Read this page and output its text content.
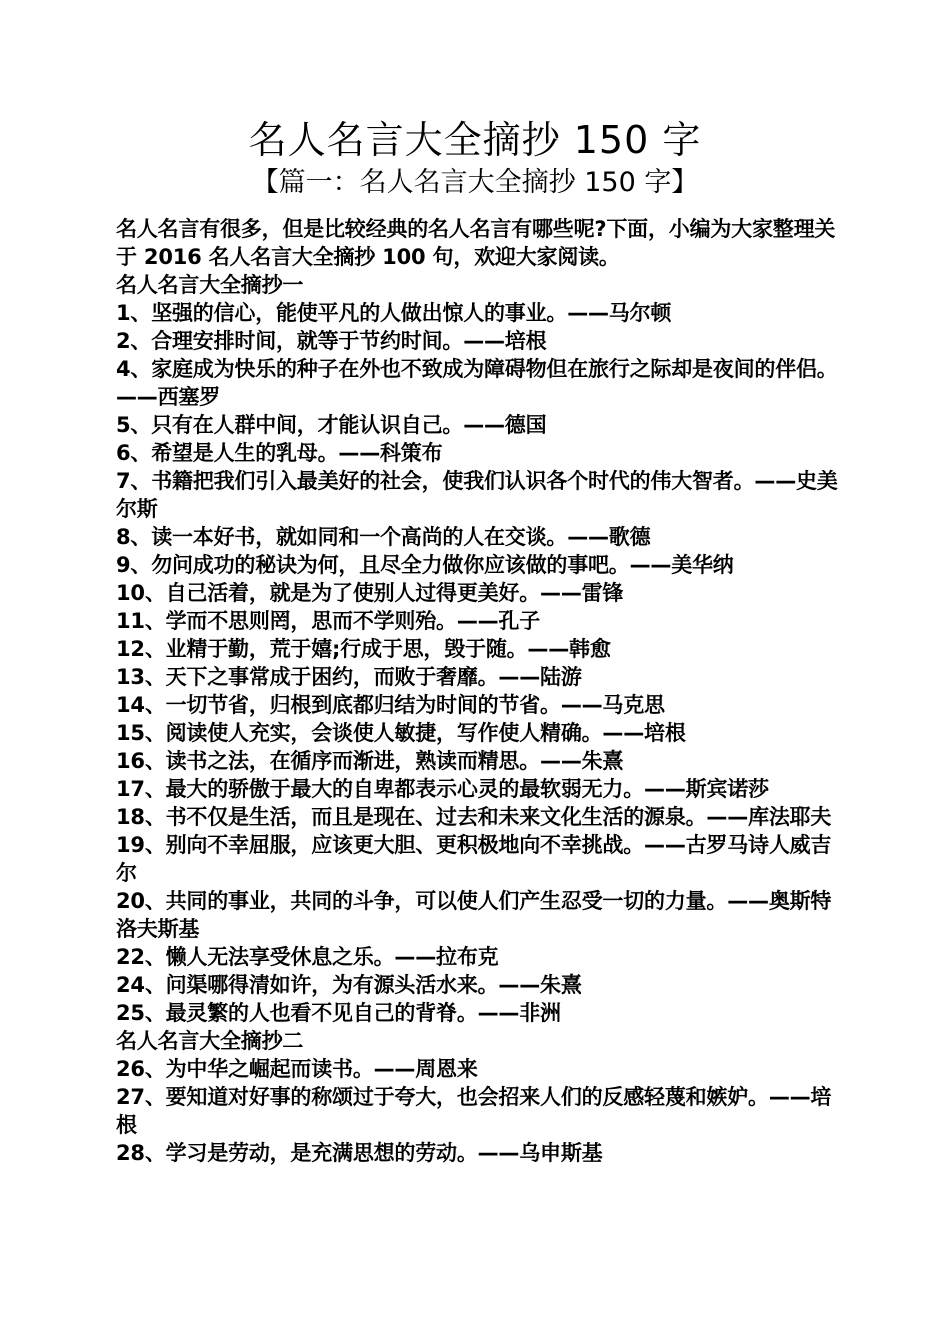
名人名言大全摘抄 150 字
【篇一：名人名言大全摘抄 150 字】

名人名言有很多，但是比较经典的名人名言有哪些呢?下面，小编为大家整理关于 2016 名人名言大全摘抄 100 句，欢迎大家阅读。

名人名言大全摘抄一

1、坚强的信心，能使平凡的人做出惊人的事业。——马尔顿

2、合理安排时间，就等于节约时间。——培根

4、家庭成为快乐的种子在外也不致成为障碍物但在旅行之际却是夜间的伴侣。——西塞罗

5、只有在人群中间，才能认识自己。——德国

6、希望是人生的乳母。——科策布

7、书籍把我们引入最美好的社会，使我们认识各个时代的伟大智者。——史美尔斯

8、读一本好书，就如同和一个高尚的人在交谈。——歌德

9、勿问成功的秘诀为何，且尽全力做你应该做的事吧。——美华纳

10、自己活着，就是为了使别人过得更美好。——雷锋

11、学而不思则罔，思而不学则殆。——孔子

12、业精于勤，荒于嬉;行成于思，毁于随。——韩愈

13、天下之事常成于困约，而败于奢靡。——陆游

14、一切节省，归根到底都归结为时间的节省。——马克思

15、阅读使人充实，会谈使人敏捷，写作使人精确。——培根

16、读书之法，在循序而渐进，熟读而精思。——朱熹

17、最大的骄傲于最大的自卑都表示心灵的最软弱无力。——斯宾诺莎

18、书不仅是生活，而且是现在、过去和未来文化生活的源泉。——库法耶夫

19、别向不幸屈服，应该更大胆、更积极地向不幸挑战。——古罗马诗人威吉尔

20、共同的事业，共同的斗争，可以使人们产生忍受一切的力量。——奥斯特洛夫斯基

22、懒人无法享受休息之乐。——拉布克

24、问渠哪得清如许，为有源头活水来。——朱熹

25、最灵繁的人也看不见自己的背脊。——非洲

名人名言大全摘抄二

26、为中华之崛起而读书。——周恩来

27、要知道对好事的称颂过于夸大，也会招来人们的反感轻蔑和嫉妒。——培根

28、学习是劳动，是充满思想的劳动。——乌申斯基
